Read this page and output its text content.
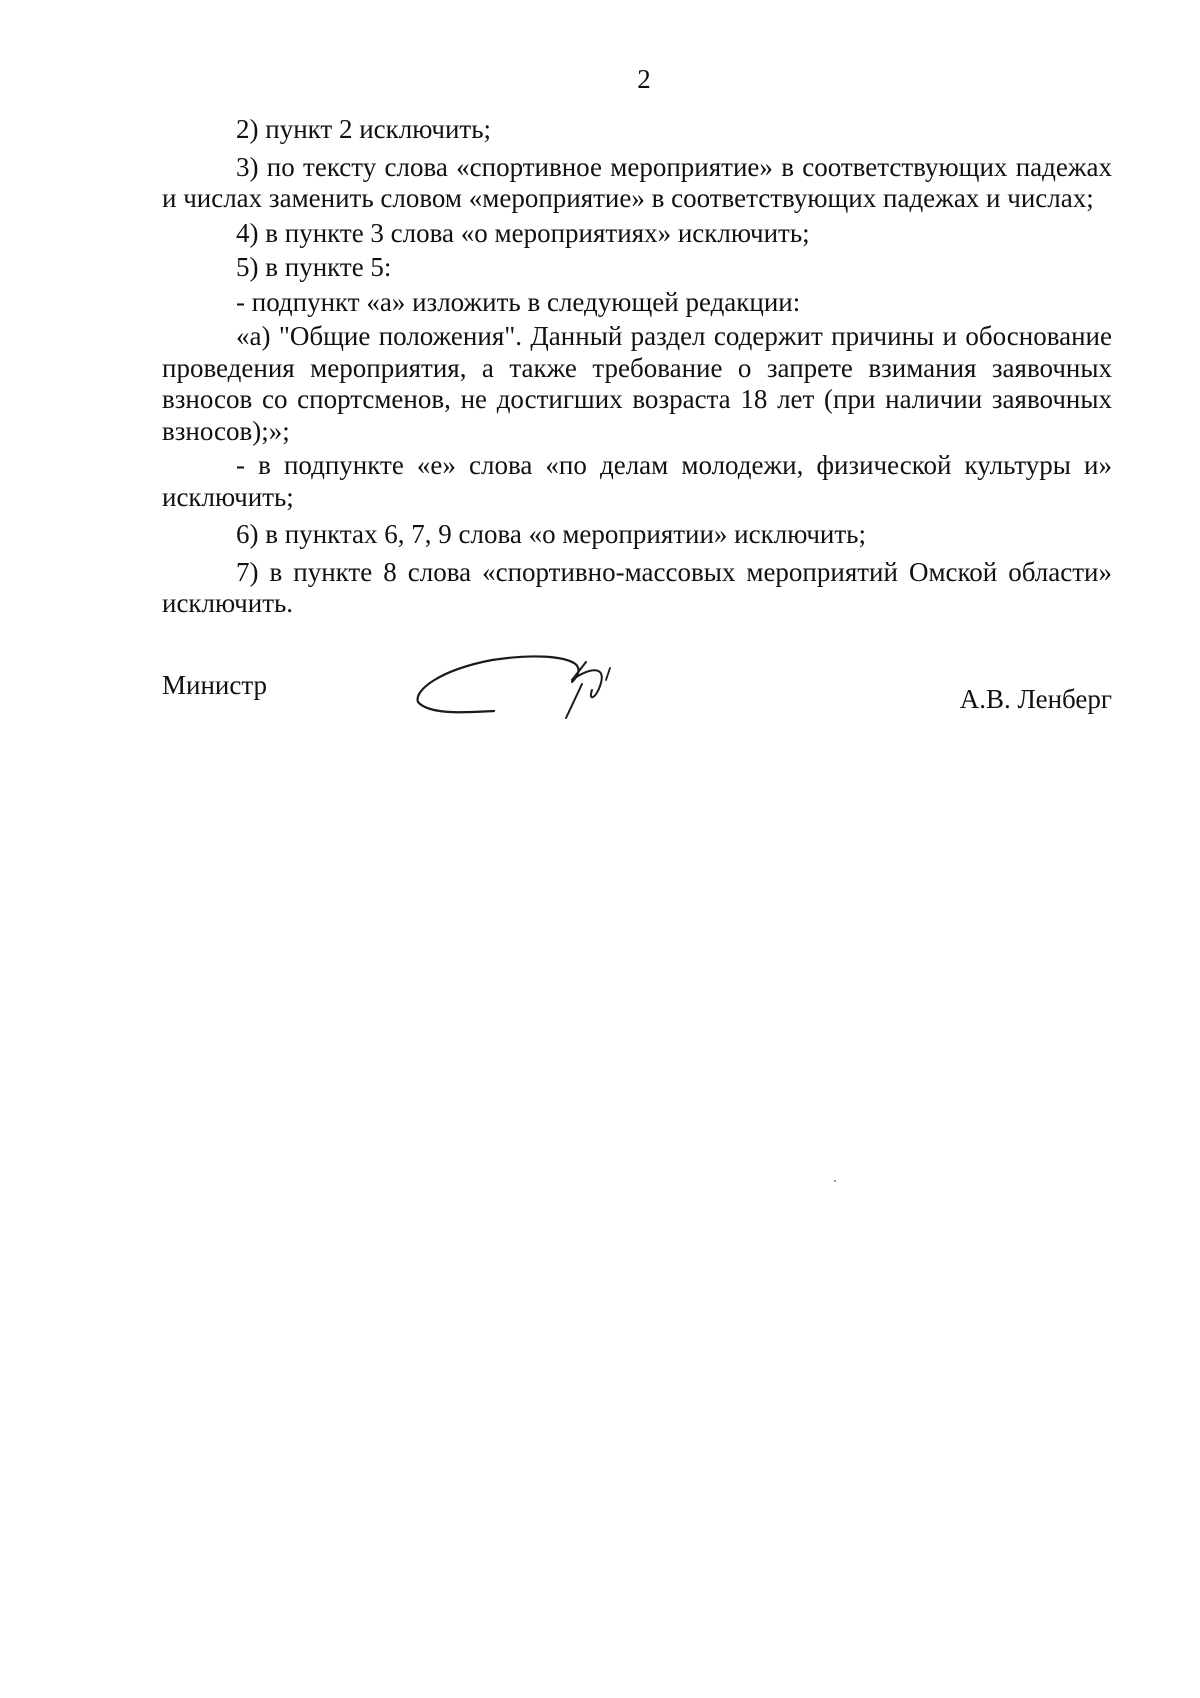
2

2) пункт 2 исключить;

3) по тексту слова «спортивное мероприятие» в соответствующих падежах и числах заменить словом «мероприятие» в соответствующих падежах и числах;

4) в пункте 3 слова «о мероприятиях» исключить;

5) в пункте 5:

- подпункт «а» изложить в следующей редакции:

«а) "Общие положения". Данный раздел содержит причины и обоснование проведения мероприятия, а также требование о запрете взимания заявочных взносов со спортсменов, не достигших возраста 18 лет (при наличии заявочных взносов);»;

- в подпункте «е» слова «по делам молодежи, физической культуры и» исключить;

6) в пунктах 6, 7, 9 слова «о мероприятии» исключить;

7) в пункте 8 слова «спортивно-массовых мероприятий Омской области» исключить.

Министр	А.В. Ленберг
